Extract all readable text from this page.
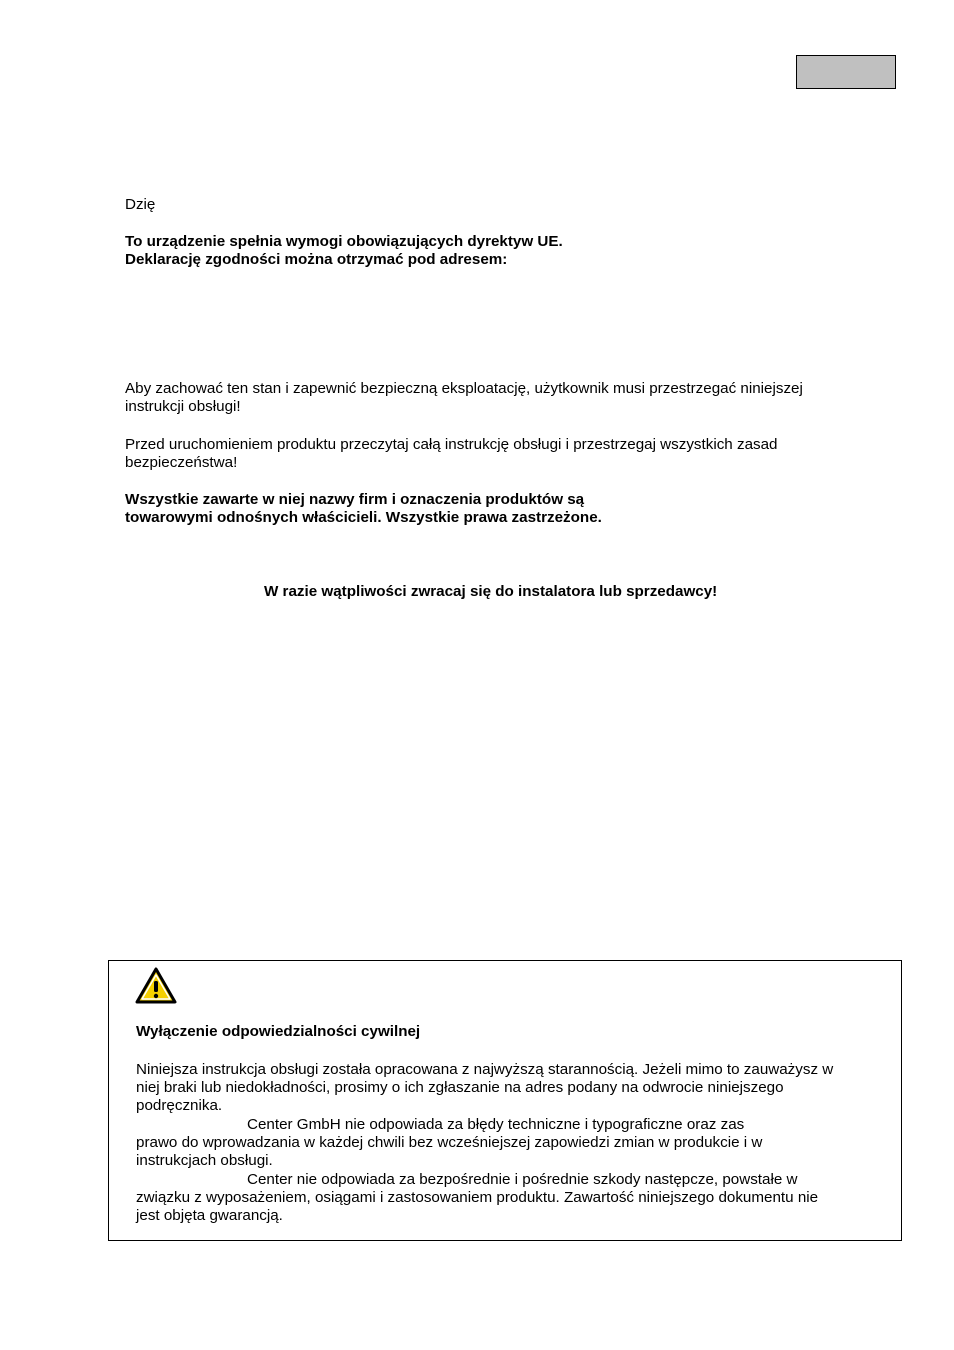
Dzię
To urządzenie spełnia wymogi obowiązujących dyrektyw UE.
Deklarację zgodności można otrzymać pod adresem:
Aby zachować ten stan i zapewnić bezpieczną eksploatację, użytkownik musi przestrzegać niniejszej
instrukcji obsługi!
Przed uruchomieniem produktu przeczytaj całą instrukcję obsługi i przestrzegaj wszystkich zasad
bezpieczeństwa!
Wszystkie zawarte w niej nazwy firm i oznaczenia produktów są
towarowymi odnośnych właścicieli. Wszystkie prawa zastrzeżone.
W razie wątpliwości zwracaj się do instalatora lub sprzedawcy!
Wyłączenie odpowiedzialności cywilnej
Niniejsza instrukcja obsługi została opracowana z najwyższą starannością. Jeżeli mimo to zauważysz w
niej braki lub niedokładności, prosimy o ich zgłaszanie na adres podany na odwrocie niniejszego
podręcznika.
Center GmbH nie odpowiada za błędy techniczne i typograficzne oraz zas
prawo do wprowadzania w każdej chwili bez wcześniejszej zapowiedzi zmian w produkcie i w
instrukcjach obsługi.
Center nie odpowiada za bezpośrednie i pośrednie szkody następcze, powstałe w
związku z wyposażeniem, osiągami i zastosowaniem produktu. Zawartość niniejszego dokumentu nie
jest objęta gwarancją.
